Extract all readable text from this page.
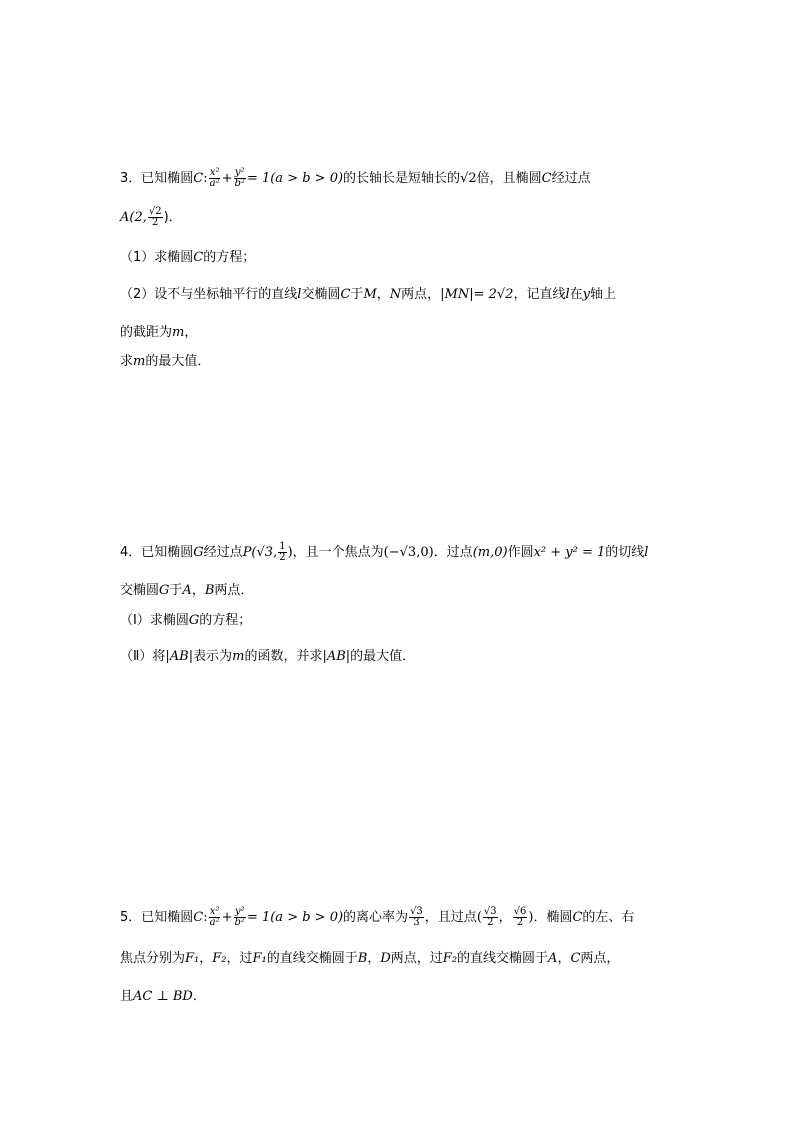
3．已知椭圆C: $\frac{\text{x²}}{\text{a²}} + \frac{\text{y²}}{\text{b²}} = 1(a > b > 0)$的长轴长是短轴长的√2倍，且椭圆C经过点
A(2, $\frac{√2}{2}$ )．
（1）求椭圆C的方程；
（2）设不与坐标轴平行的直线l交椭圆C于M，N两点，|MN|= 2√2，记直线l在y轴上
的截距为m，
求m的最大值．
4．已知椭圆G经过点P(√3, $\frac{1}{2}$ )，且一个焦点为(−√3,0)．过点(m,0)作圆x² + y² = 1的切线l
交椭圆G于A，B两点．
（Ⅰ）求椭圆G的方程；
（Ⅱ）将|AB|表示为m的函数，并求|AB|的最大值．
5．已知椭圆C: $\frac{\text{x²}}{\text{a²}} + \frac{\text{y²}}{\text{b²}} = 1(a > b > 0)$的离心率为 $\frac{√3}{3}$ ，且过点( $\frac{√3}{2}$ ， $\frac{√6}{2}$ )．椭圆C的左、右
焦点分别为F₁，F₂，过F₁的直线交椭圆于B，D两点，过F₂的直线交椭圆于A，C两点，
且AC ⊥ BD．
